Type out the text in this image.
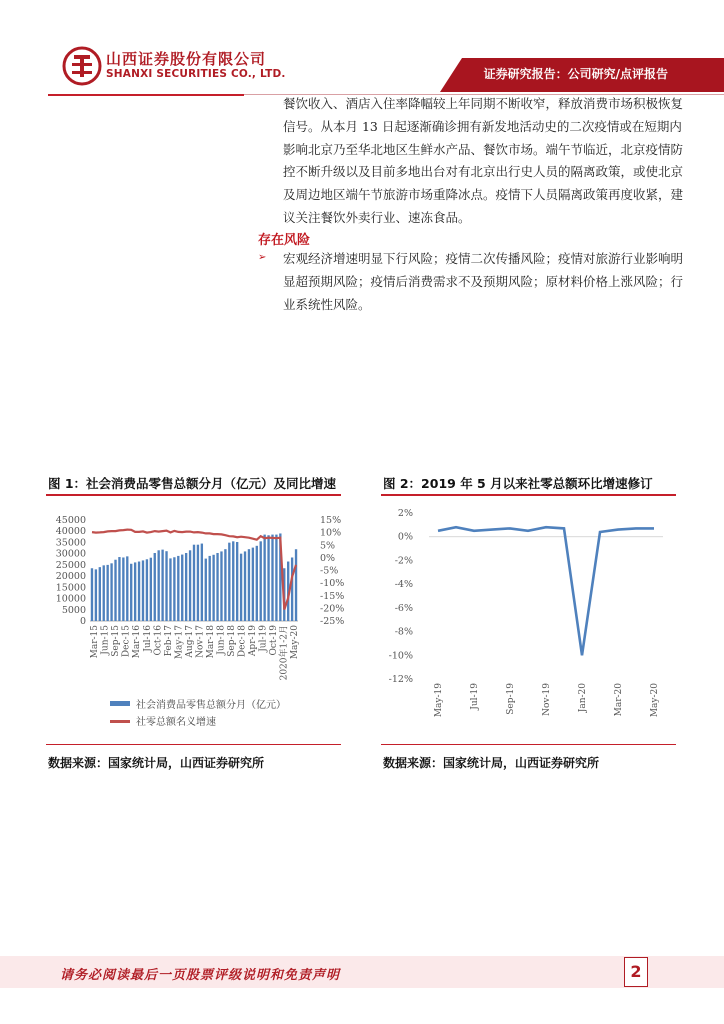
山西证券股份有限公司
SHANXI SECURITIES CO., LTD.	证券研究报告：公司研究/点评报告
餐饮收入、酒店入住率降幅较上年同期不断收窄，释放消费市场积极恢复信号。从本月 13 日起逐渐确诊拥有新发地活动史的二次疫情或在短期内影响北京乃至华北地区生鲜水产品、餐饮市场。端午节临近，北京疫情防控不断升级以及目前多地出台对有北京出行史人员的隔离政策，或使北京及周边地区端午节旅游市场重降冰点。疫情下人员隔离政策再度收紧，建议关注餐饮外卖行业、速冻食品。
存在风险
➢ 宏观经济增速明显下行风险；疫情二次传播风险；疫情对旅游行业影响明显超预期风险；疫情后消费需求不及预期风险；原材料价格上涨风险；行业系统性风险。
图 1：社会消费品零售总额分月（亿元）及同比增速
0
5000
10000
15000
20000
25000
30000
35000
40000
45000	15%
10%
5%
0%
-5%
-10%
-15%
-20%
-25%
Mar-15 Jun-15 Sep-15 Dec-15 Mar-16 Jul-16 Oct-16 Feb-17 May-17 Aug-17 Nov-17 Mar-18 Jun-18 Sep-18 Dec-18 Apr-19 Jul-19 Oct-19 2020年1-2月 May-20
社会消费品零售总额分月（亿元）
社零总额名义增速
数据来源：国家统计局，山西证券研究所
图 2：2019 年 5 月以来社零总额环比增速修订
2%
0%
-2%
-4%
-6%
-8%
-10%
-12%
May-19	Jul-19	Sep-19	Nov-19	Jan-20	Mar-20	May-20
数据来源：国家统计局，山西证券研究所
请务必阅读最后一页股票评级说明和免责声明	2
